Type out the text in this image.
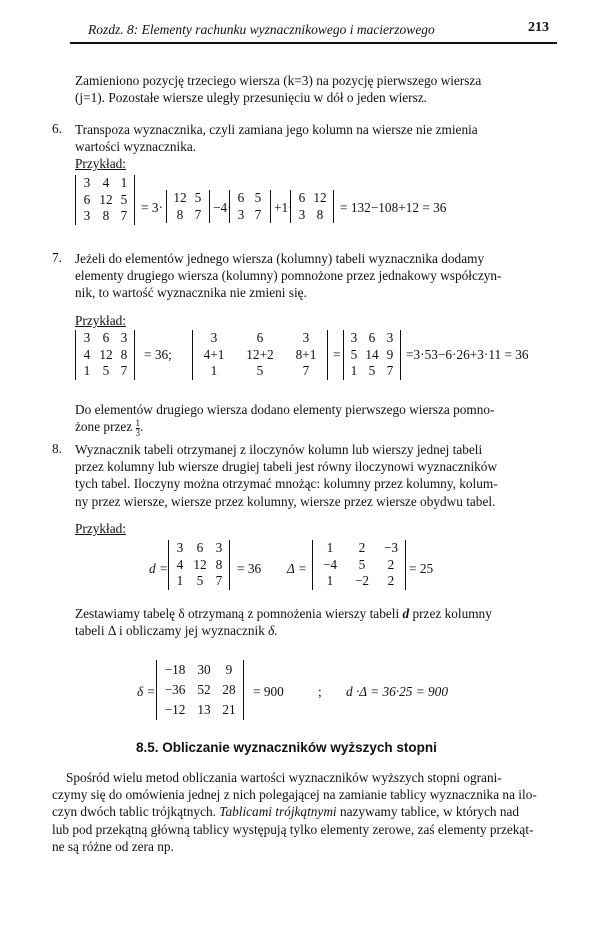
Rozdz. 8: Elementy rachunku wyznacznikowego i macierzowego	213
Zamieniono pozycję trzeciego wiersza (k=3) na pozycję pierwszego wiersza
(j=1). Pozostałe wiersze uległy przesunięciu w dół o jeden wiersz.
6. Transpoza wyznacznika, czyli zamiana jego kolumn na wiersze nie zmienia
wartości wyznacznika.
Przykład:
3 4 1
6 12 5
3 8 7
= 3·
12 5
8 7 −4·
6 5
3 7 +1·
6 12
3 8	= 132−108+12 = 36
7. Jeżeli do elementów jednego wiersza (kolumny) tabeli wyznacznika dodamy
elementy drugiego wiersza (kolumny) pomnożone przez jednakowy współczyn-
nik, to wartość wyznacznika nie zmieni się.
Przykład:
3 6 3
4 12 8
1 5 7
= 36;
3	6	3
4+1	12+2	8+1
1	5	7
=
3 6 3
5 14 9
1 5 7
=3·53−6·26+3·11 = 36
Do elementów drugiego wiersza dodano elementy pierwszego wiersza pomno-
żone przez $\frac{1}{3}$ .
8. Wyznacznik tabeli otrzymanej z iloczynów kolumn lub wierszy jednej tabeli
przez kolumny lub wiersze drugiej tabeli jest równy iloczynowi wyznaczników
tych tabel. Iloczyny można otrzymać mnożąc: kolumny przez kolumny, kolum-
ny przez wiersze, wiersze przez kolumny, wiersze przez wiersze obydwu tabel.
Przykład:
d =
3	6 3
4 12 8
1	5 7
= 36 Δ =
1	2	−3
−4	5	2
1	−2	2
= 25
Zestawiamy tabelę δ otrzymaną z pomnożenia wierszy tabeli d przez kolumny
tabeli Δ i obliczamy jej wyznacznik δ.
δ =
−18 30	9
−36 52 28
−12 13 21
= 900	; d ·Δ = 36·25 = 900
8.5. Obliczanie wyznaczników wyższych stopni
Spośród wielu metod obliczania wartości wyznaczników wyższych stopni ograni-
czymy się do omówienia jednej z nich polegającej na zamianie tablicy wyznacznika na ilo-
czyn dwóch tablic trójkątnych. Tablicami trójkątnymi nazywamy tablice, w których nad
lub pod przekątną główną tablicy występują tylko elementy zerowe, zaś elementy przekąt-
ne są różne od zera np.
